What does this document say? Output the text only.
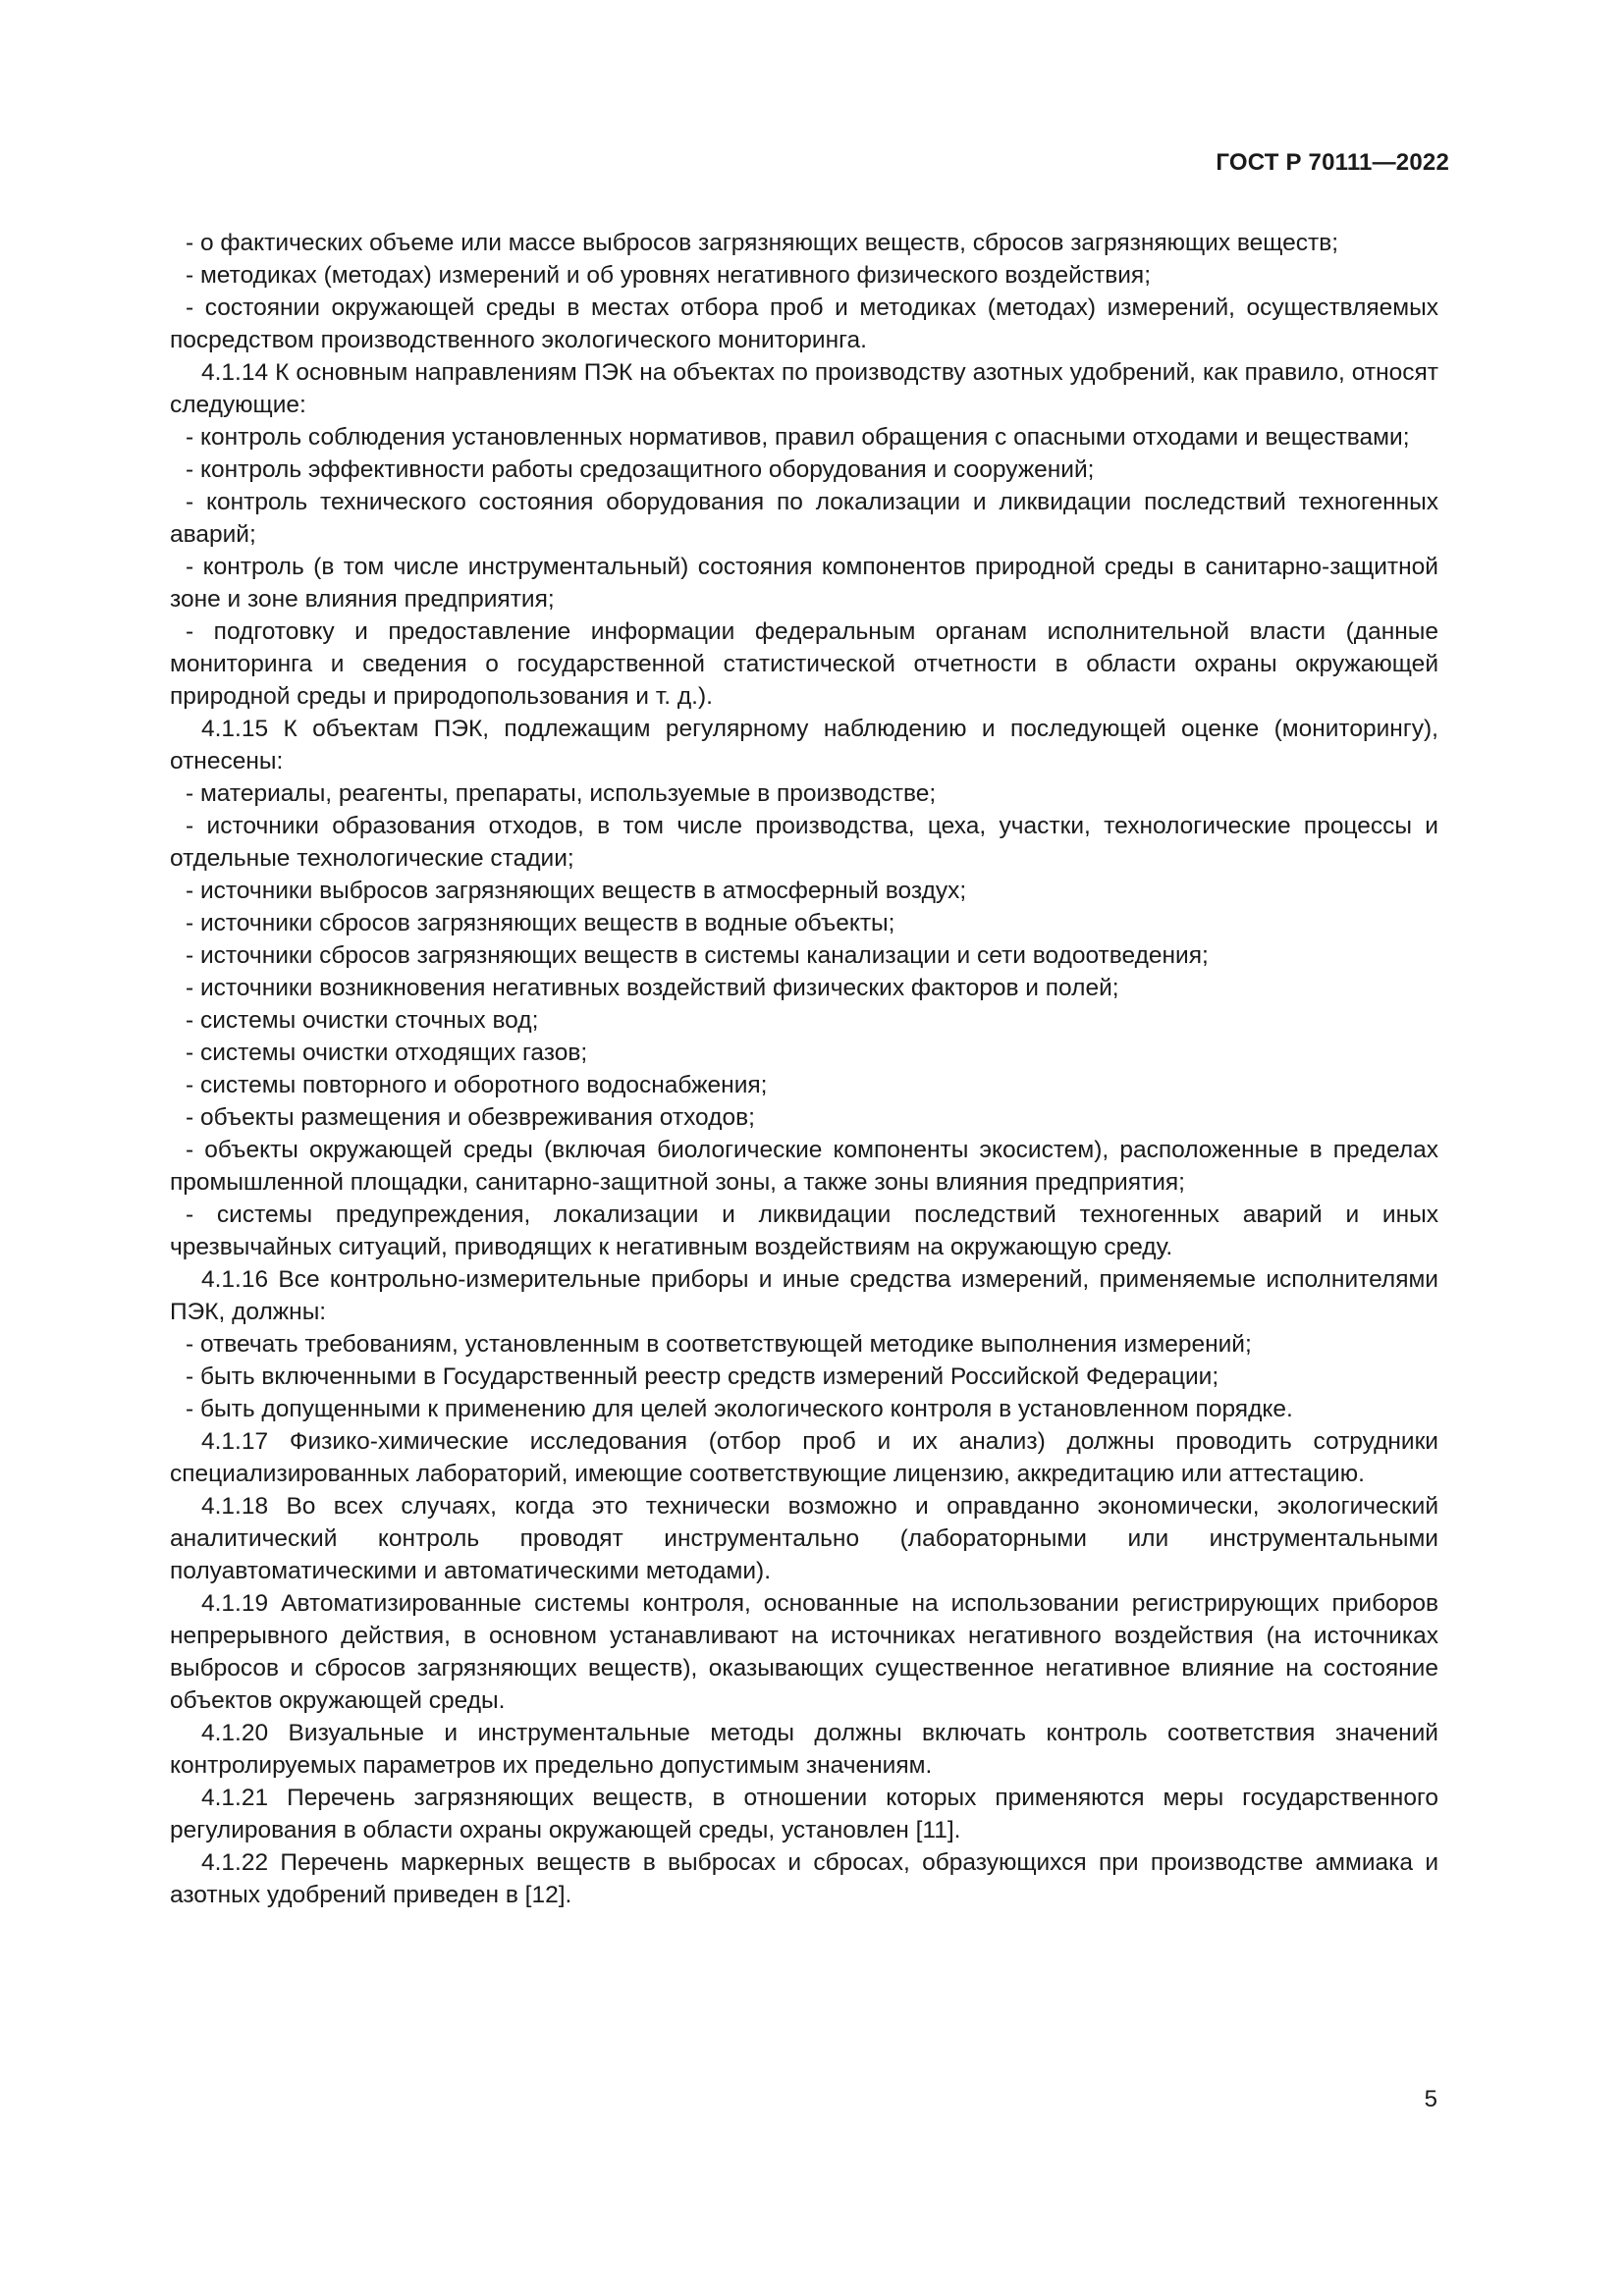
ГОСТ Р 70111—2022

- о фактических объеме или массе выбросов загрязняющих веществ, сбросов загрязняющих веществ;

- методиках (методах) измерений и об уровнях негативного физического воздействия;

- состоянии окружающей среды в местах отбора проб и методиках (методах) измерений, осуществляемых посредством производственного экологического мониторинга.

4.1.14 К основным направлениям ПЭК на объектах по производству азотных удобрений, как правило, относят следующие:

- контроль соблюдения установленных нормативов, правил обращения с опасными отходами и веществами;

- контроль эффективности работы средозащитного оборудования и сооружений;

- контроль технического состояния оборудования по локализации и ликвидации последствий техногенных аварий;

- контроль (в том числе инструментальный) состояния компонентов природной среды в санитарно-защитной зоне и зоне влияния предприятия;

- подготовку и предоставление информации федеральным органам исполнительной власти (данные мониторинга и сведения о государственной статистической отчетности в области охраны окружающей природной среды и природопользования и т. д.).

4.1.15 К объектам ПЭК, подлежащим регулярному наблюдению и последующей оценке (мониторингу), отнесены:

- материалы, реагенты, препараты, используемые в производстве;

- источники образования отходов, в том числе производства, цеха, участки, технологические процессы и отдельные технологические стадии;

- источники выбросов загрязняющих веществ в атмосферный воздух;

- источники сбросов загрязняющих веществ в водные объекты;

- источники сбросов загрязняющих веществ в системы канализации и сети водоотведения;

- источники возникновения негативных воздействий физических факторов и полей;

- системы очистки сточных вод;

- системы очистки отходящих газов;

- системы повторного и оборотного водоснабжения;

- объекты размещения и обезвреживания отходов;

- объекты окружающей среды (включая биологические компоненты экосистем), расположенные в пределах промышленной площадки, санитарно-защитной зоны, а также зоны влияния предприятия;

- системы предупреждения, локализации и ликвидации последствий техногенных аварий и иных чрезвычайных ситуаций, приводящих к негативным воздействиям на окружающую среду.

4.1.16 Все контрольно-измерительные приборы и иные средства измерений, применяемые исполнителями ПЭК, должны:

- отвечать требованиям, установленным в соответствующей методике выполнения измерений;

- быть включенными в Государственный реестр средств измерений Российской Федерации;

- быть допущенными к применению для целей экологического контроля в установленном порядке.

4.1.17 Физико-химические исследования (отбор проб и их анализ) должны проводить сотрудники специализированных лабораторий, имеющие соответствующие лицензию, аккредитацию или аттестацию.

4.1.18 Во всех случаях, когда это технически возможно и оправданно экономически, экологический аналитический контроль проводят инструментально (лабораторными или инструментальными полуавтоматическими и автоматическими методами).

4.1.19 Автоматизированные системы контроля, основанные на использовании регистрирующих приборов непрерывного действия, в основном устанавливают на источниках негативного воздействия (на источниках выбросов и сбросов загрязняющих веществ), оказывающих существенное негативное влияние на состояние объектов окружающей среды.

4.1.20 Визуальные и инструментальные методы должны включать контроль соответствия значений контролируемых параметров их предельно допустимым значениям.

4.1.21 Перечень загрязняющих веществ, в отношении которых применяются меры государственного регулирования в области охраны окружающей среды, установлен [11].

4.1.22 Перечень маркерных веществ в выбросах и сбросах, образующихся при производстве аммиака и азотных удобрений приведен в [12].

5
